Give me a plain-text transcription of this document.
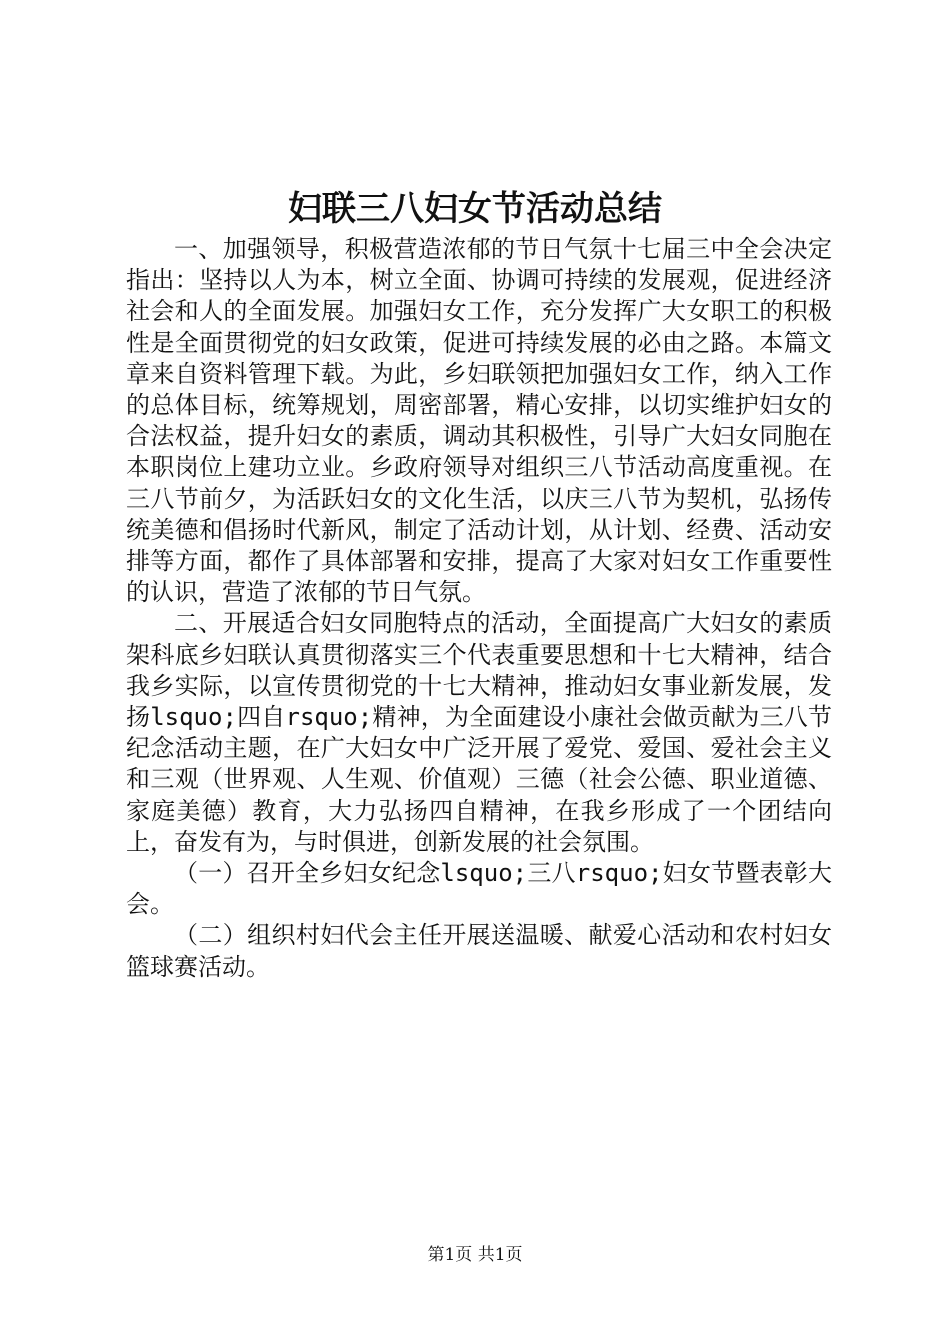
妇联三八妇女节活动总结

一、加强领导，积极营造浓郁的节日气氛十七届三中全会决定指出：坚持以人为本，树立全面、协调可持续的发展观，促进经济社会和人的全面发展。加强妇女工作，充分发挥广大女职工的积极性是全面贯彻党的妇女政策，促进可持续发展的必由之路。本篇文章来自资料管理下载。为此，乡妇联领把加强妇女工作，纳入工作的总体目标，统筹规划，周密部署，精心安排，以切实维护妇女的合法权益，提升妇女的素质，调动其积极性，引导广大妇女同胞在本职岗位上建功立业。乡政府领导对组织三八节活动高度重视。在三八节前夕，为活跃妇女的文化生活，以庆三八节为契机，弘扬传统美德和倡扬时代新风，制定了活动计划，从计划、经费、活动安排等方面，都作了具体部署和安排，提高了大家对妇女工作重要性的认识，营造了浓郁的节日气氛。

二、开展适合妇女同胞特点的活动，全面提高广大妇女的素质架科底乡妇联认真贯彻落实三个代表重要思想和十七大精神，结合我乡实际，以宣传贯彻党的十七大精神，推动妇女事业新发展，发扬lsquo;四自rsquo;精神，为全面建设小康社会做贡献为三八节纪念活动主题，在广大妇女中广泛开展了爱党、爱国、爱社会主义和三观（世界观、人生观、价值观）三德（社会公德、职业道德、家庭美德）教育，大力弘扬四自精神，在我乡形成了一个团结向上，奋发有为，与时俱进，创新发展的社会氛围。

（一）召开全乡妇女纪念lsquo;三八rsquo;妇女节暨表彰大会。

（二）组织村妇代会主任开展送温暖、献爱心活动和农村妇女篮球赛活动。

第1页 共1页
